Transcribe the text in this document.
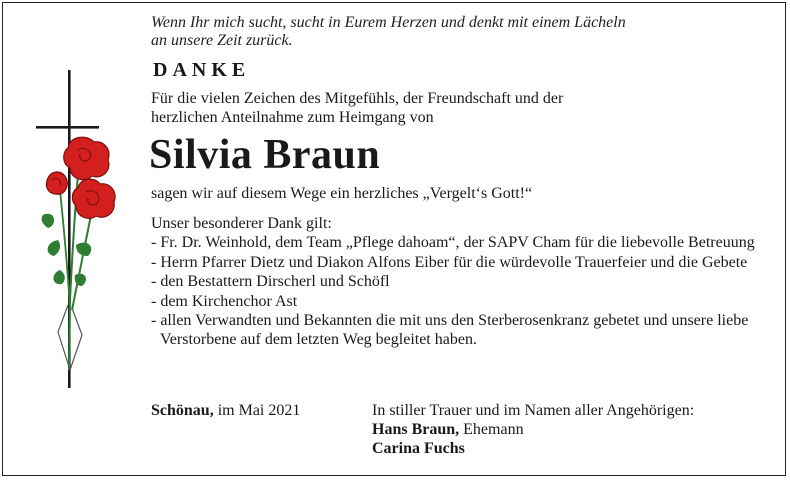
Wenn Ihr mich sucht, sucht in Eurem Herzen und denkt mit einem Lächeln
an unsere Zeit zurück.
DANKE
Für die vielen Zeichen des Mitgefühls, der Freundschaft und der
herzlichen Anteilnahme zum Heimgang von
Silvia Braun
sagen wir auf diesem Wege ein herzliches „Vergelt‘s Gott!“
Unser besonderer Dank gilt:
- Fr. Dr. Weinhold, dem Team „Pflege dahoam“, der SAPV Cham für die liebevolle Betreuung
- Herrn Pfarrer Dietz und Diakon Alfons Eiber für die würdevolle Trauerfeier und die Gebete
- den Bestattern Dirscherl und Schöfl
- dem Kirchenchor Ast
- allen Verwandten und Bekannten die mit uns den Sterberosenkranz gebetet und unsere liebe Verstorbene auf dem letzten Weg begleitet haben.
Schönau, im Mai 2021	In stiller Trauer und im Namen aller Angehörigen:
Hans Braun, Ehemann
Carina Fuchs
